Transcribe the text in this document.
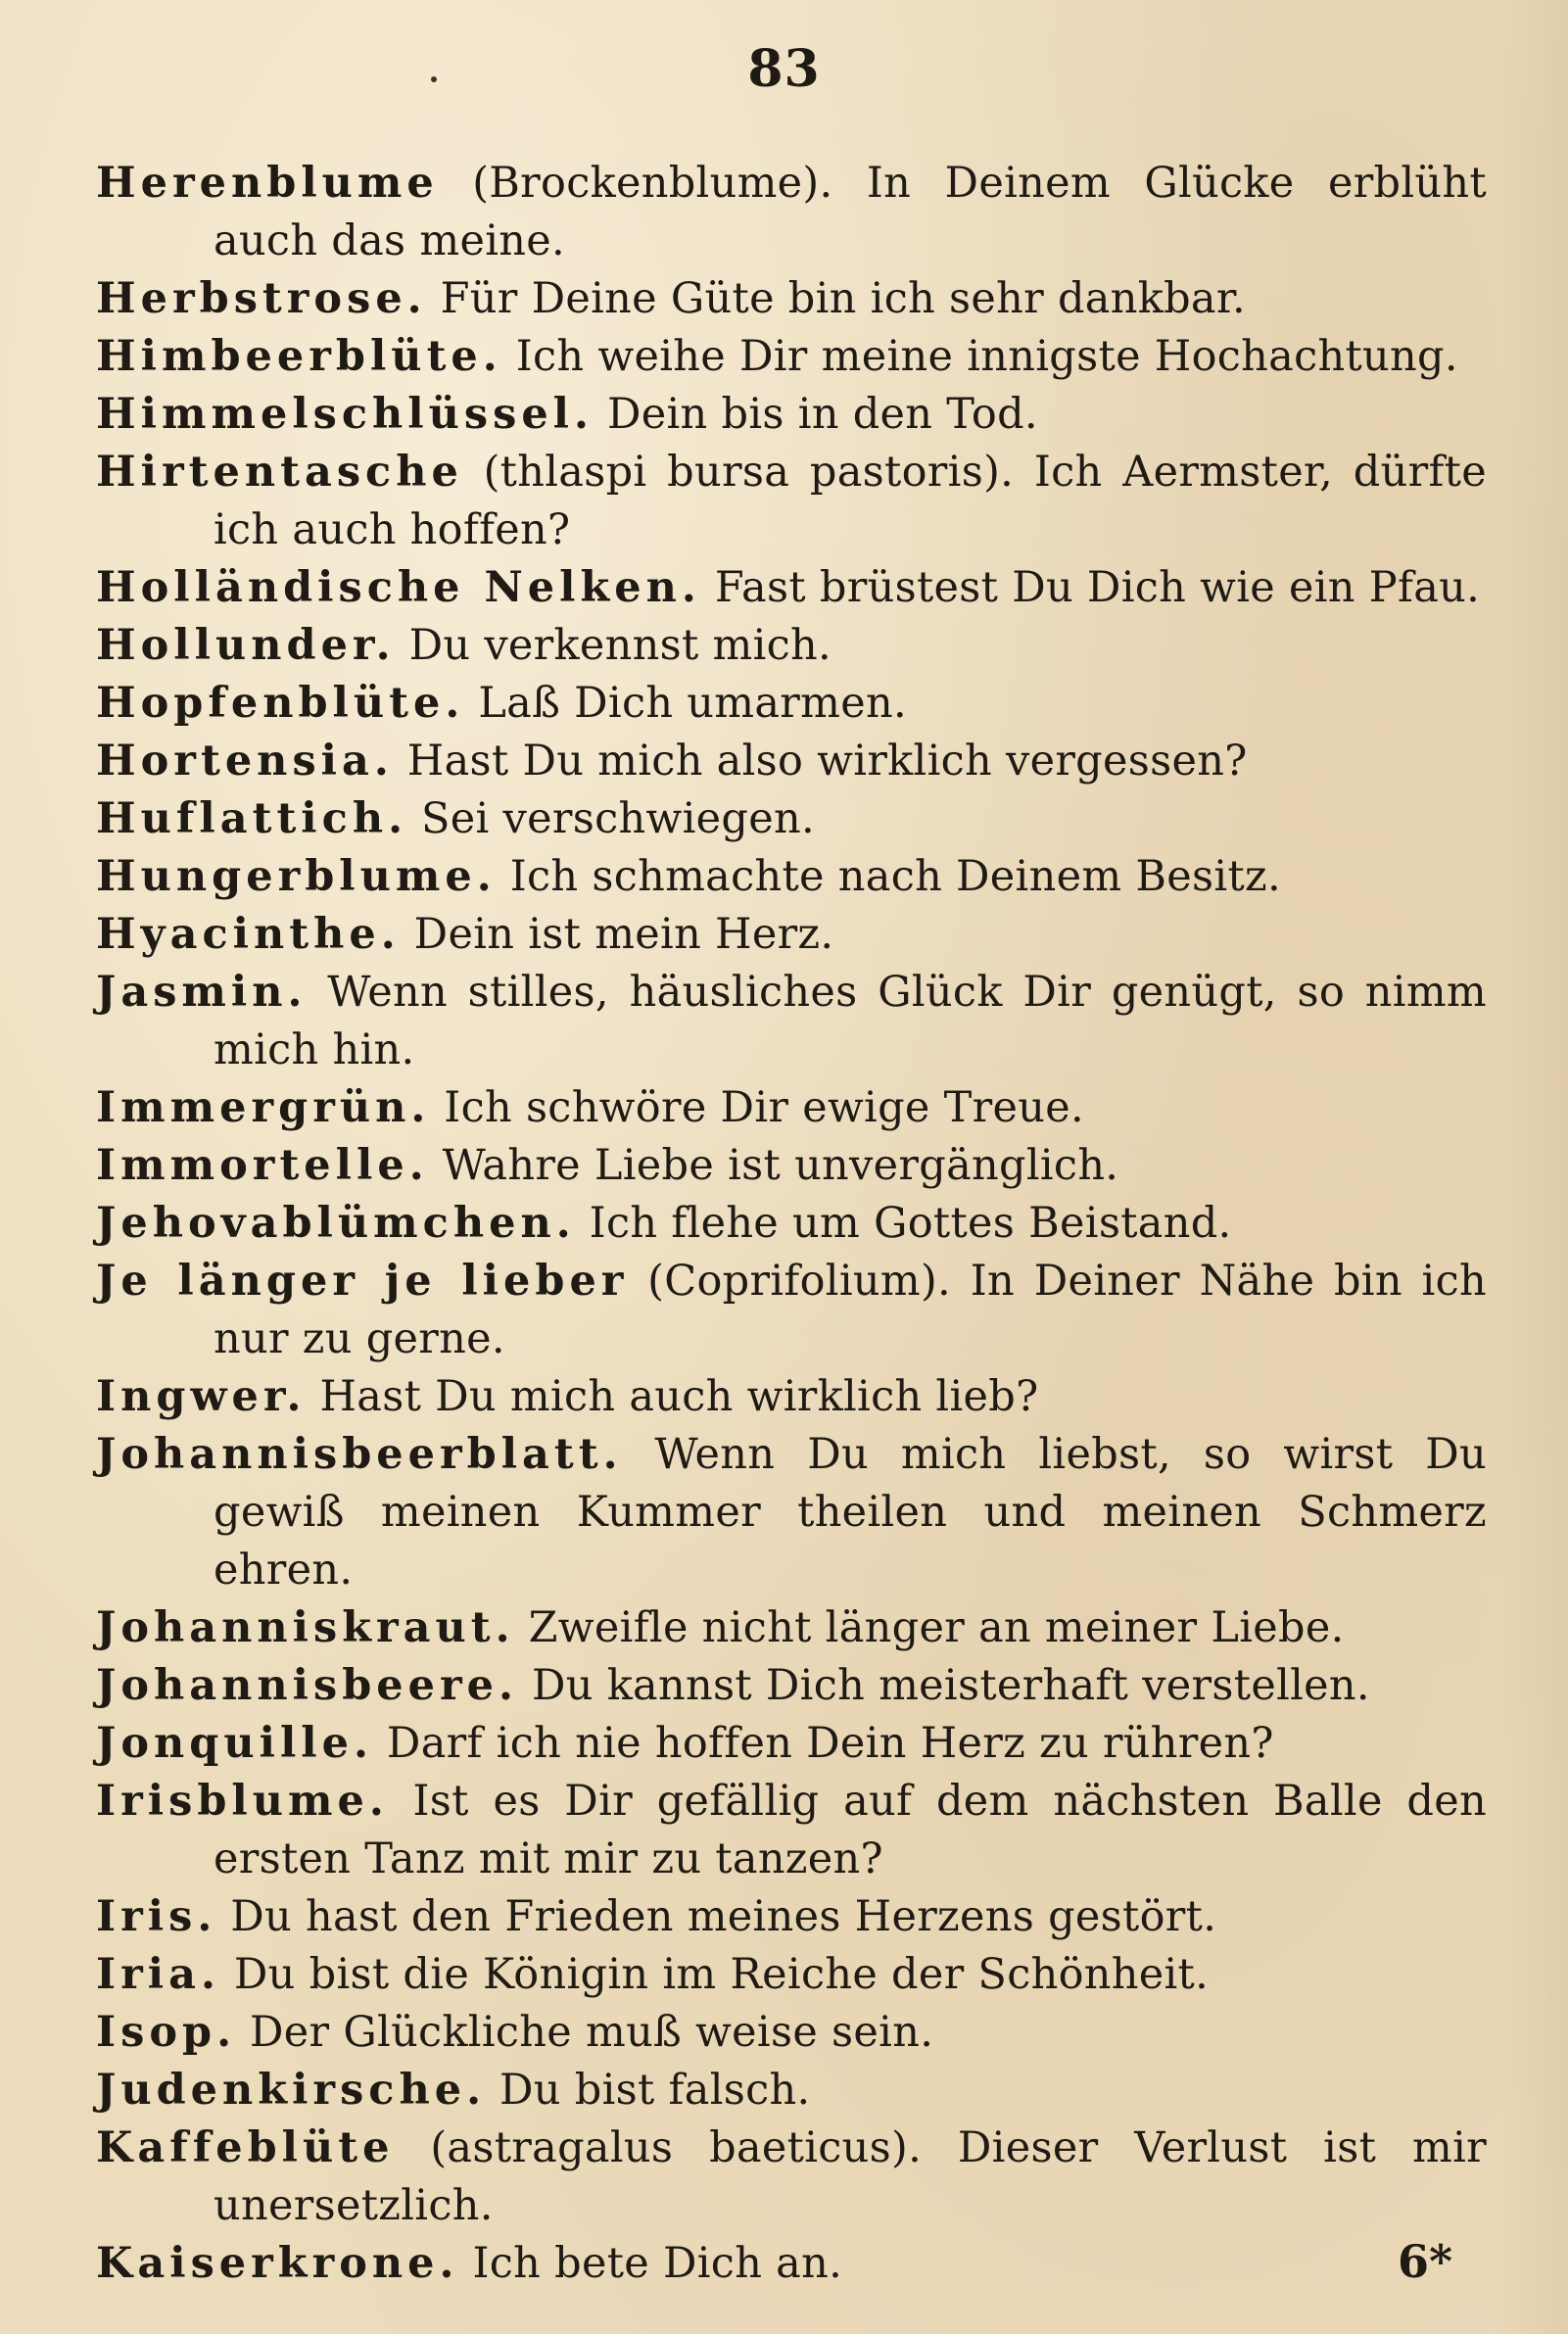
83

Herenblume (Brockenblume). In Deinem Glücke erblüht auch das meine.

Herbstrose. Für Deine Güte bin ich sehr dankbar.

Himbeerblüte. Ich weihe Dir meine innigste Hochachtung.

Himmelschlüssel. Dein bis in den Tod.

Hirtentasche (thlaspi bursa pastoris). Ich Aermster, dürfte ich auch hoffen?

Holländische Nelken. Fast brüstest Du Dich wie ein Pfau.

Hollunder. Du verkennst mich.

Hopfenblüte. Laß Dich umarmen.

Hortensia. Hast Du mich also wirklich vergessen?

Huflattich. Sei verschwiegen.

Hungerblume. Ich schmachte nach Deinem Besitz.

Hyacinthe. Dein ist mein Herz.

Jasmin. Wenn stilles, häusliches Glück Dir genügt, so nimm mich hin.

Immergrün. Ich schwöre Dir ewige Treue.

Immortelle. Wahre Liebe ist unvergänglich.

Jehovablümchen. Ich flehe um Gottes Beistand.

Je länger je lieber (Coprifolium). In Deiner Nähe bin ich nur zu gerne.

Ingwer. Hast Du mich auch wirklich lieb?

Johannisbeerblatt. Wenn Du mich liebst, so wirst Du gewiß meinen Kummer theilen und meinen Schmerz ehren.

Johanniskraut. Zweifle nicht länger an meiner Liebe.

Johannisbeere. Du kannst Dich meisterhaft verstellen.

Jonquille. Darf ich nie hoffen Dein Herz zu rühren?

Irisblume. Ist es Dir gefällig auf dem nächsten Balle den ersten Tanz mit mir zu tanzen?

Iris. Du hast den Frieden meines Herzens gestört.

Iria. Du bist die Königin im Reiche der Schönheit.

Isop. Der Glückliche muß weise sein.

Judenkirsche. Du bist falsch.

Kaffeblüte (astragalus baeticus). Dieser Verlust ist mir unersetzlich.

Kaiserkrone. Ich bete Dich an.	6*
